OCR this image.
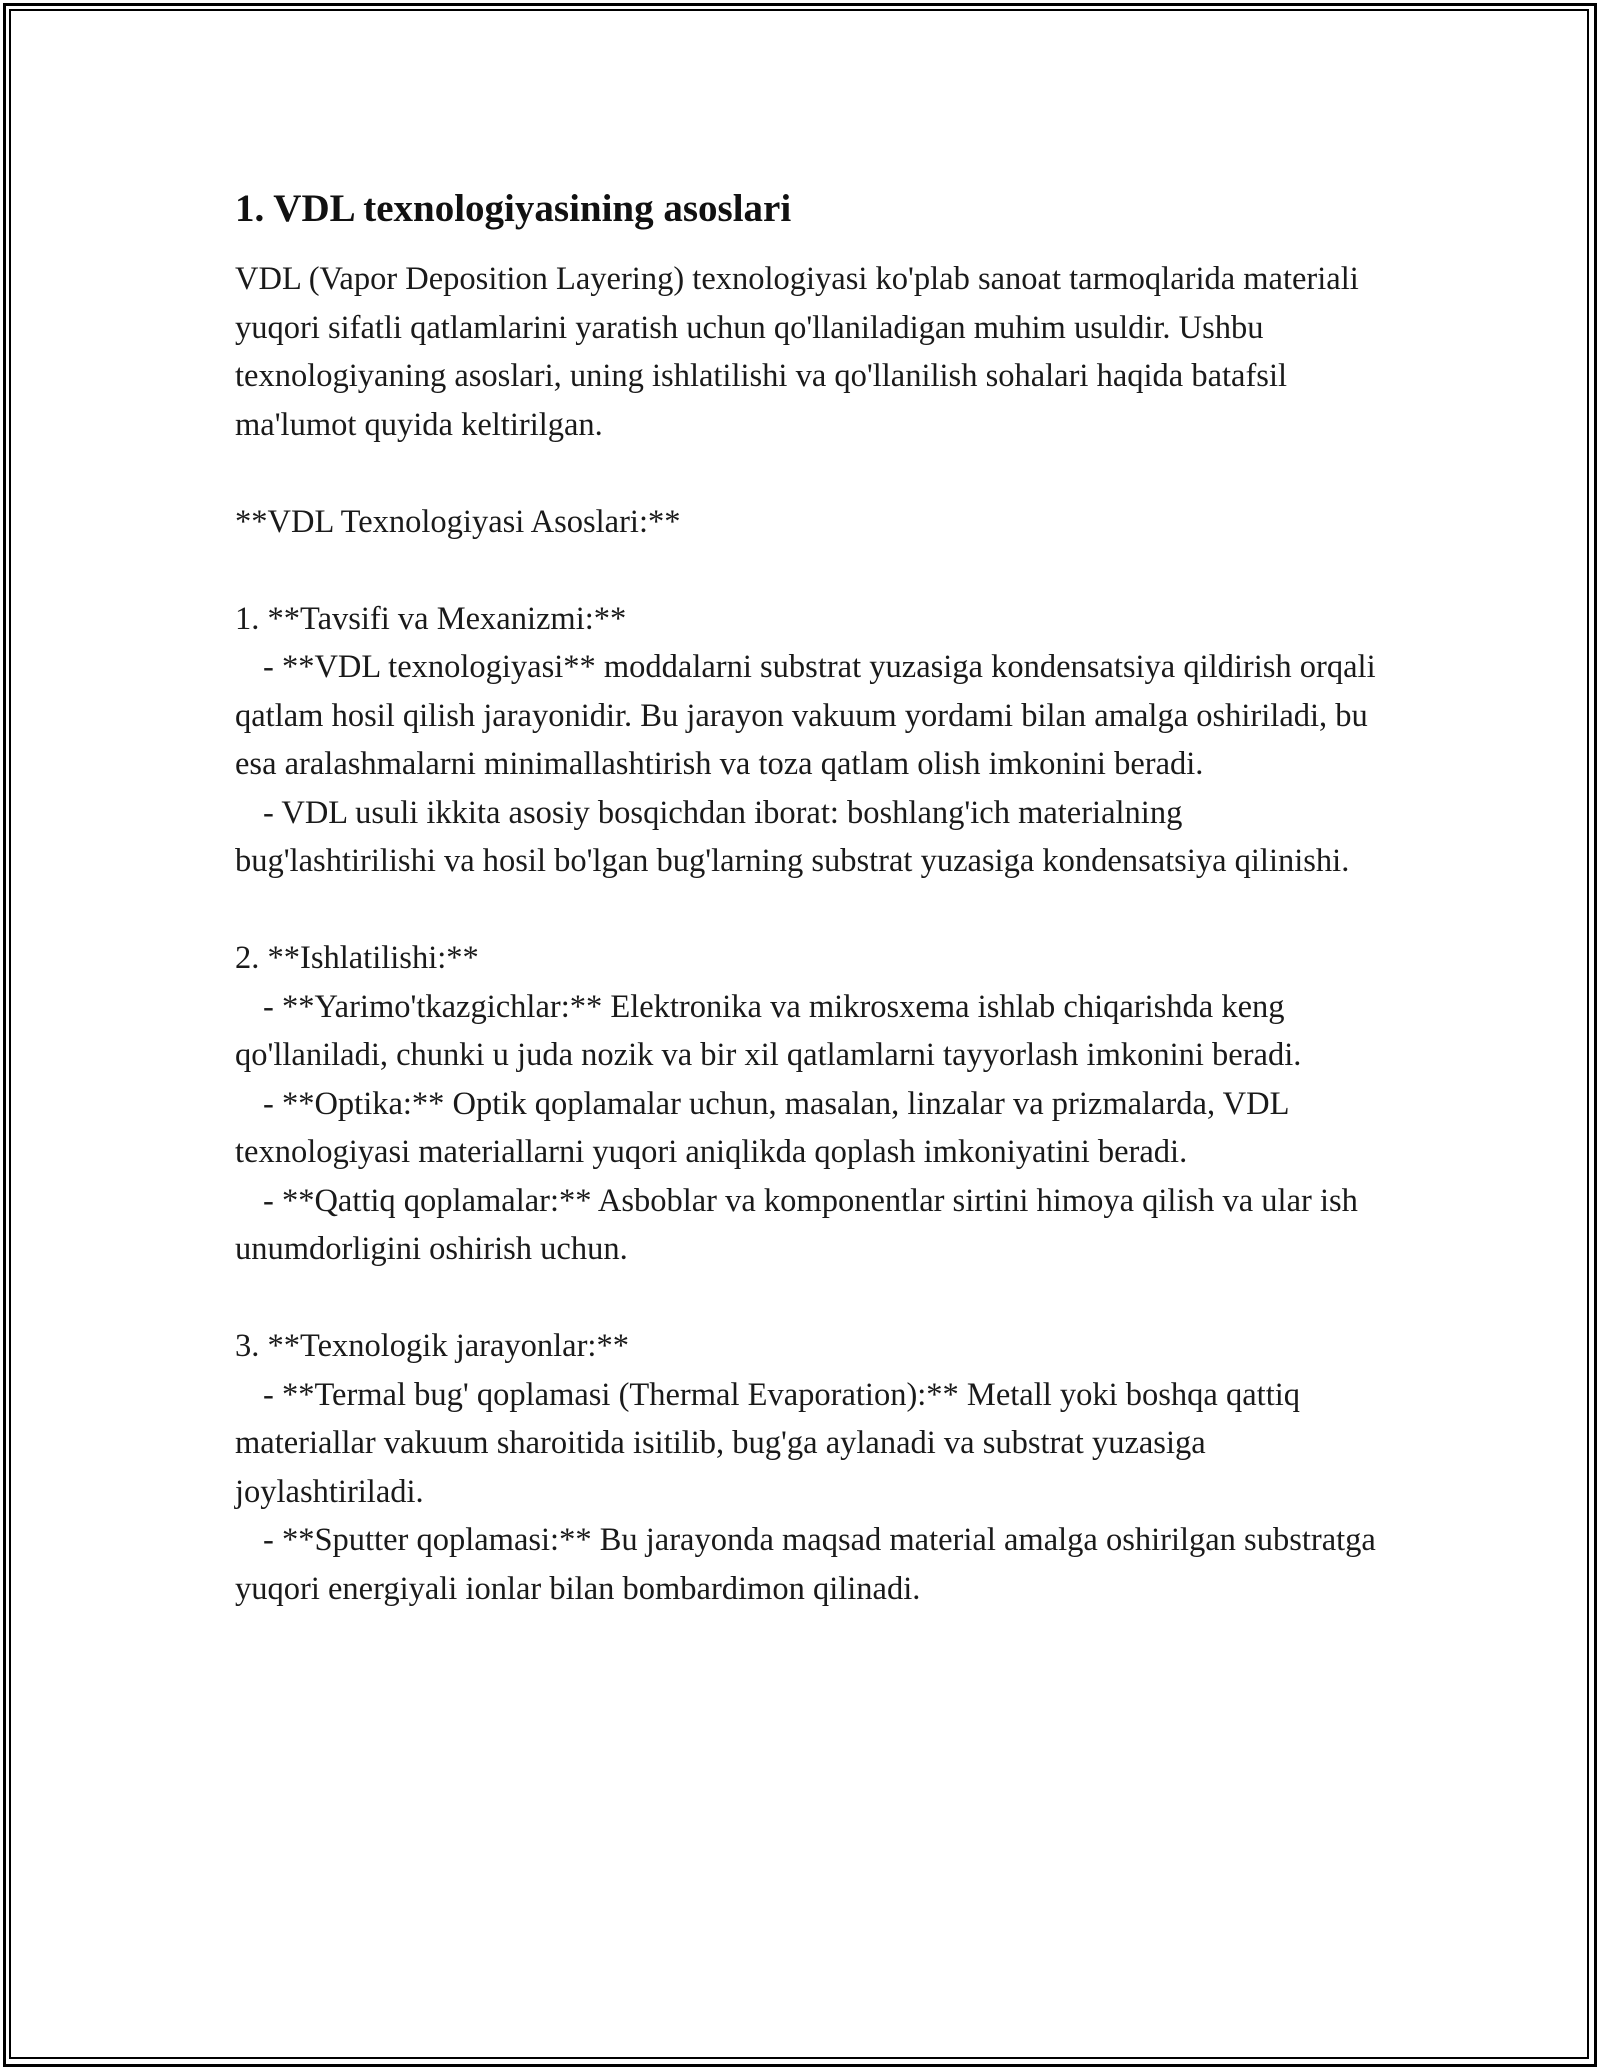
1. VDL texnologiyasining asoslari

VDL (Vapor Deposition Layering) texnologiyasi ko'plab sanoat tarmoqlarida materiali yuqori sifatli qatlamlarini yaratish uchun qo'llaniladigan muhim usuldir. Ushbu texnologiyaning asoslari, uning ishlatilishi va qo'llanilish sohalari haqida batafsil ma'lumot quyida keltirilgan.

**VDL Texnologiyasi Asoslari:**

1. **Tavsifi va Mexanizmi:**

- **VDL texnologiyasi** moddalarni substrat yuzasiga kondensatsiya qildirish orqali qatlam hosil qilish jarayonidir. Bu jarayon vakuum yordami bilan amalga oshiriladi, bu esa aralashmalarni minimallashtirish va toza qatlam olish imkonini beradi.

- VDL usuli ikkita asosiy bosqichdan iborat: boshlang'ich materialning bug'lashtirilishi va hosil bo'lgan bug'larning substrat yuzasiga kondensatsiya qilinishi.

2. **Ishlatilishi:**

- **Yarimo'tkazgichlar:** Elektronika va mikrosxema ishlab chiqarishda keng qo'llaniladi, chunki u juda nozik va bir xil qatlamlarni tayyorlash imkonini beradi.

- **Optika:** Optik qoplamalar uchun, masalan, linzalar va prizmalarda, VDL texnologiyasi materiallarni yuqori aniqlikda qoplash imkoniyatini beradi.

- **Qattiq qoplamalar:** Asboblar va komponentlar sirtini himoya qilish va ular ish unumdorligini oshirish uchun.

3. **Texnologik jarayonlar:**

- **Termal bug' qoplamasi (Thermal Evaporation):** Metall yoki boshqa qattiq materiallar vakuum sharoitida isitilib, bug'ga aylanadi va substrat yuzasiga joylashtiriladi.

- **Sputter qoplamasi:** Bu jarayonda maqsad material amalga oshirilgan substratga yuqori energiyali ionlar bilan bombardimon qilinadi.
